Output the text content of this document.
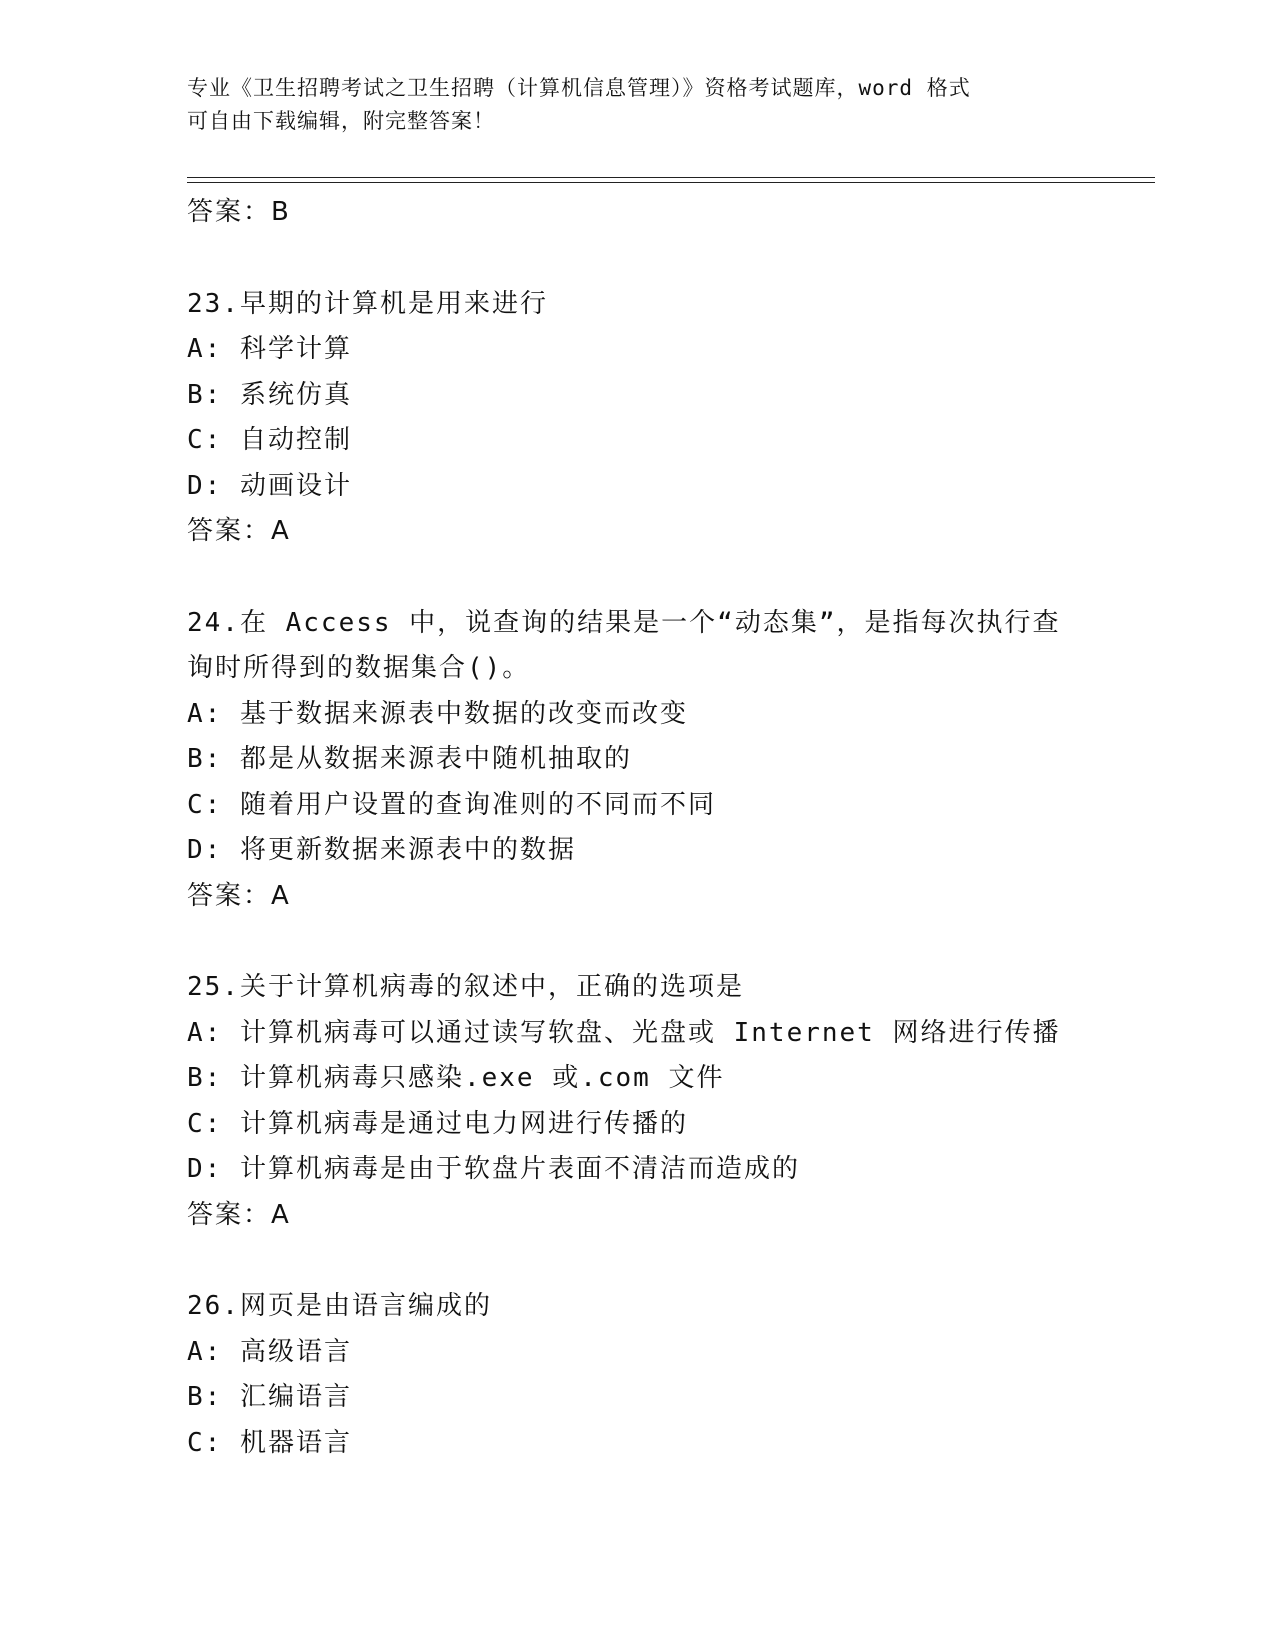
专业《卫生招聘考试之卫生招聘（计算机信息管理）》资格考试题库，word 格式
可自由下载编辑，附完整答案！
答案：B
23.早期的计算机是用来进行
A: 科学计算
B: 系统仿真
C: 自动控制
D: 动画设计
答案：A
24.在 Access 中，说查询的结果是一个“动态集”，是指每次执行查
询时所得到的数据集合()。
A: 基于数据来源表中数据的改变而改变
B: 都是从数据来源表中随机抽取的
C: 随着用户设置的查询准则的不同而不同
D: 将更新数据来源表中的数据
答案：A
25.关于计算机病毒的叙述中，正确的选项是
A: 计算机病毒可以通过读写软盘、光盘或 Internet 网络进行传播
B: 计算机病毒只感染.exe 或.com 文件
C: 计算机病毒是通过电力网进行传播的
D: 计算机病毒是由于软盘片表面不清洁而造成的
答案：A
26.网页是由语言编成的
A: 高级语言
B: 汇编语言
C: 机器语言
